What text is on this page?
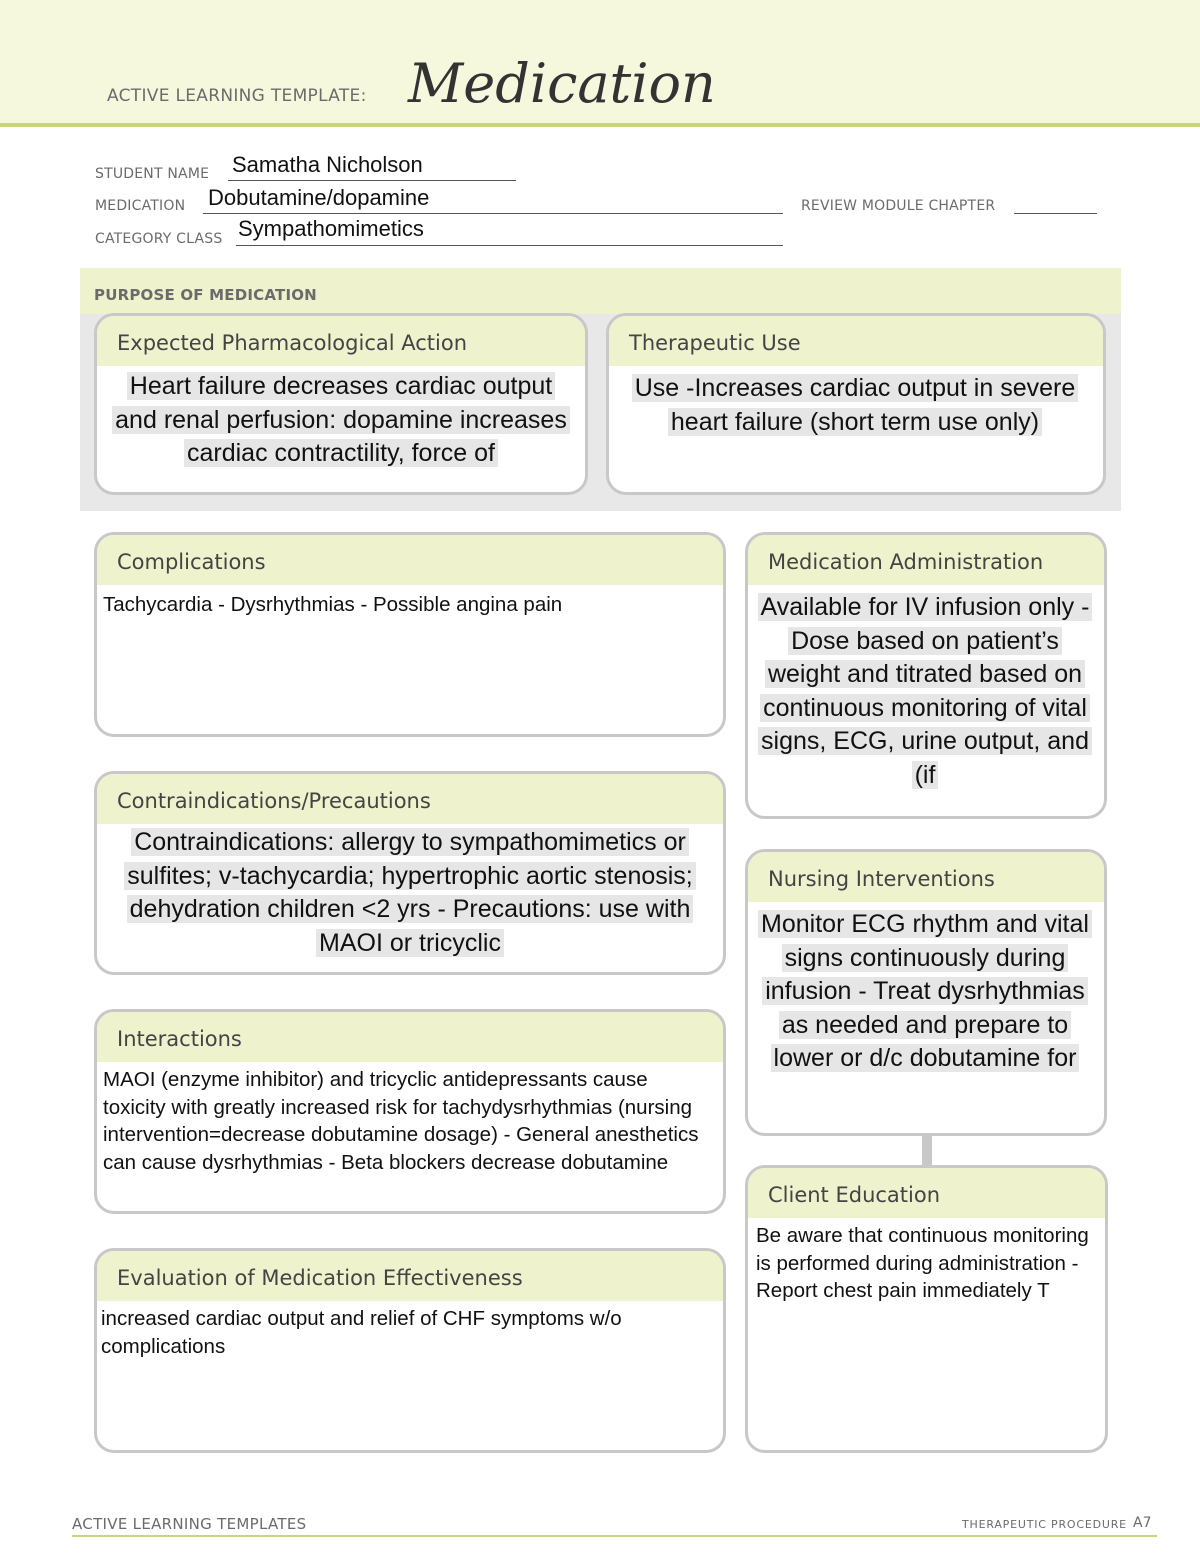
ACTIVE LEARNING TEMPLATE: Medication
STUDENT NAME Samatha Nicholson
MEDICATION Dobutamine/dopamine	REVIEW MODULE CHAPTER
CATEGORY CLASS Sympathomimetics
PURPOSE OF MEDICATION
Expected Pharmacological Action
Heart failure decreases cardiac output and renal perfusion: dopamine increases cardiac contractility, force of
Therapeutic Use
Use -Increases cardiac output in severe heart failure (short term use only)
Complications
Tachycardia - Dysrhythmias - Possible angina pain
Contraindications/Precautions
Contraindications: allergy to sympathomimetics or sulfites; v-tachycardia; hypertrophic aortic stenosis; dehydration children <2 yrs - Precautions: use with MAOI or tricyclic
Interactions
MAOI (enzyme inhibitor) and tricyclic antidepressants cause toxicity with greatly increased risk for tachydysrhythmias (nursing intervention=decrease dobutamine dosage) - General anesthetics can cause dysrhythmias - Beta blockers decrease dobutamine
Evaluation of Medication Effectiveness
increased cardiac output and relief of CHF symptoms w/o complications
Medication Administration
Available for IV infusion only - Dose based on patient’s weight and titrated based on continuous monitoring of vital signs, ECG, urine output, and (if
Nursing Interventions
Monitor ECG rhythm and vital signs continuously during infusion - Treat dysrhythmias as needed and prepare to lower or d/c dobutamine for
Client Education
Be aware that continuous monitoring is performed during administration - Report chest pain immediately T
ACTIVE LEARNING TEMPLATES	THERAPEUTIC PROCEDURE A7
